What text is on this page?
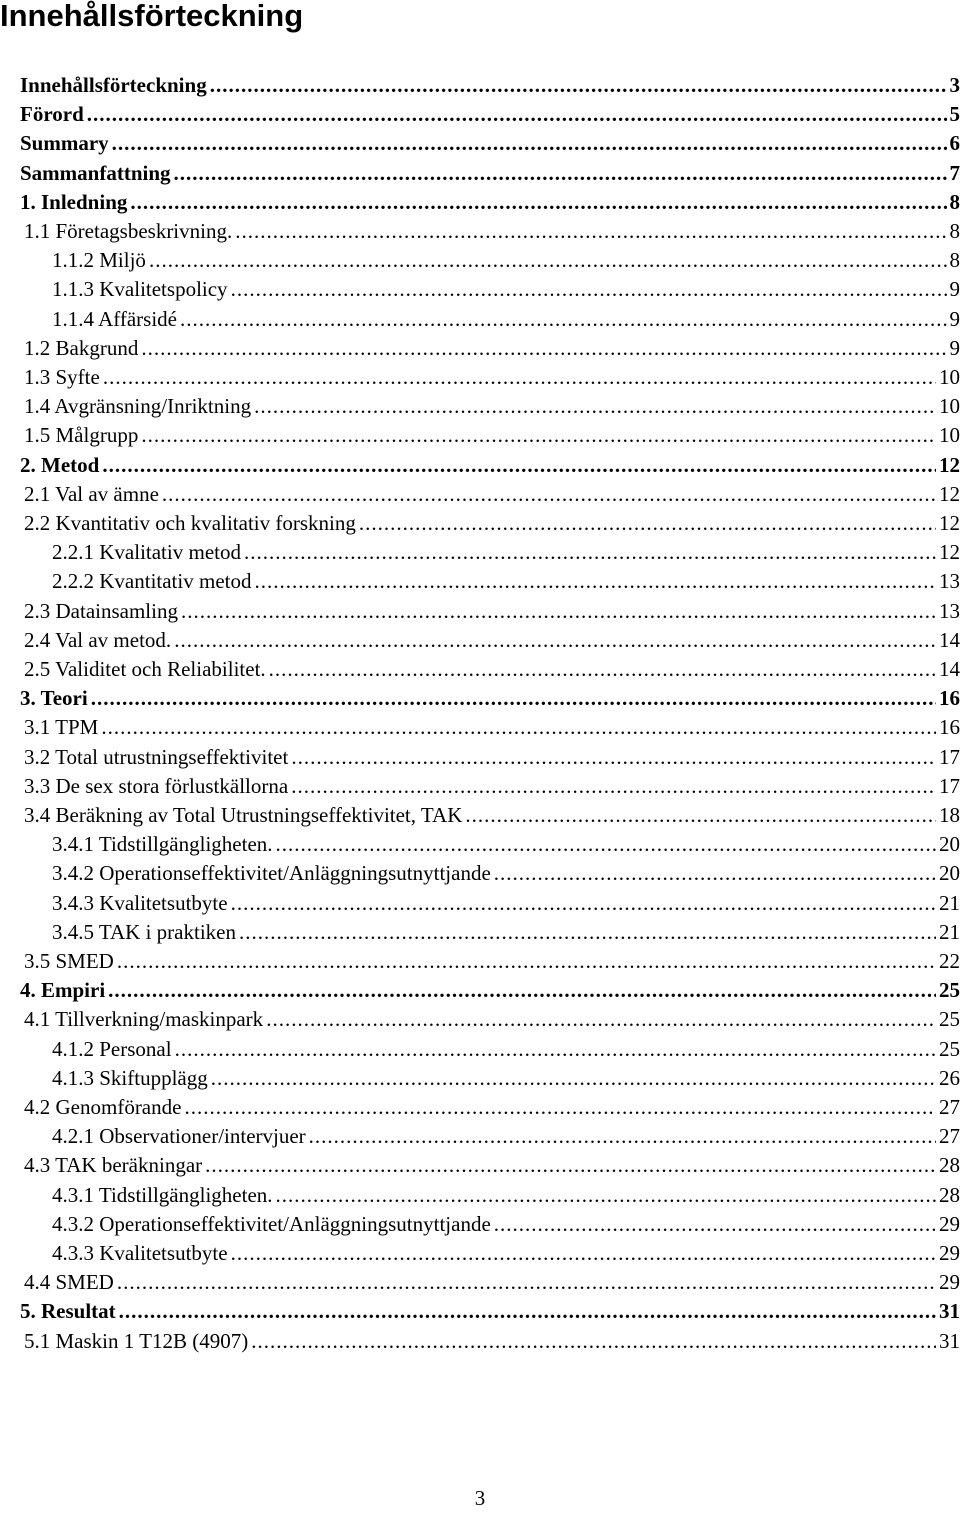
Innehållsförteckning
Innehållsförteckning .....	3
Förord .....	5
Summary .....	6
Sammanfattning .....	7
1. Inledning .....	8
1.1 Företagsbeskrivning. .....	8
1.1.2 Miljö .....	8
1.1.3 Kvalitetspolicy .....	9
1.1.4 Affärsidé .....	9
1.2 Bakgrund .....	9
1.3 Syfte .....	10
1.4 Avgränsning/Inriktning .....	10
1.5 Målgrupp .....	10
2. Metod .....	12
2.1 Val av ämne .....	12
2.2 Kvantitativ och kvalitativ forskning .....	12
2.2.1 Kvalitativ metod .....	12
2.2.2 Kvantitativ metod .....	13
2.3 Datainsamling .....	13
2.4 Val av metod. .....	14
2.5 Validitet och Reliabilitet. .....	14
3. Teori .....	16
3.1 TPM .....	16
3.2 Total utrustningseffektivitet .....	17
3.3 De sex stora förlustkällorna .....	17
3.4 Beräkning av Total Utrustningseffektivitet, TAK .....	18
3.4.1 Tidstillgängligheten. .....	20
3.4.2 Operationseffektivitet/Anläggningsutnyttjande .....	20
3.4.3 Kvalitetsutbyte .....	21
3.4.5 TAK i praktiken .....	21
3.5 SMED .....	22
4. Empiri .....	25
4.1 Tillverkning/maskinpark .....	25
4.1.2 Personal .....	25
4.1.3 Skiftupplägg .....	26
4.2 Genomförande .....	27
4.2.1 Observationer/intervjuer .....	27
4.3 TAK beräkningar .....	28
4.3.1 Tidstillgängligheten. .....	28
4.3.2 Operationseffektivitet/Anläggningsutnyttjande .....	29
4.3.3 Kvalitetsutbyte .....	29
4.4 SMED .....	29
5. Resultat .....	31
5.1 Maskin 1 T12B (4907) .....	31
3
